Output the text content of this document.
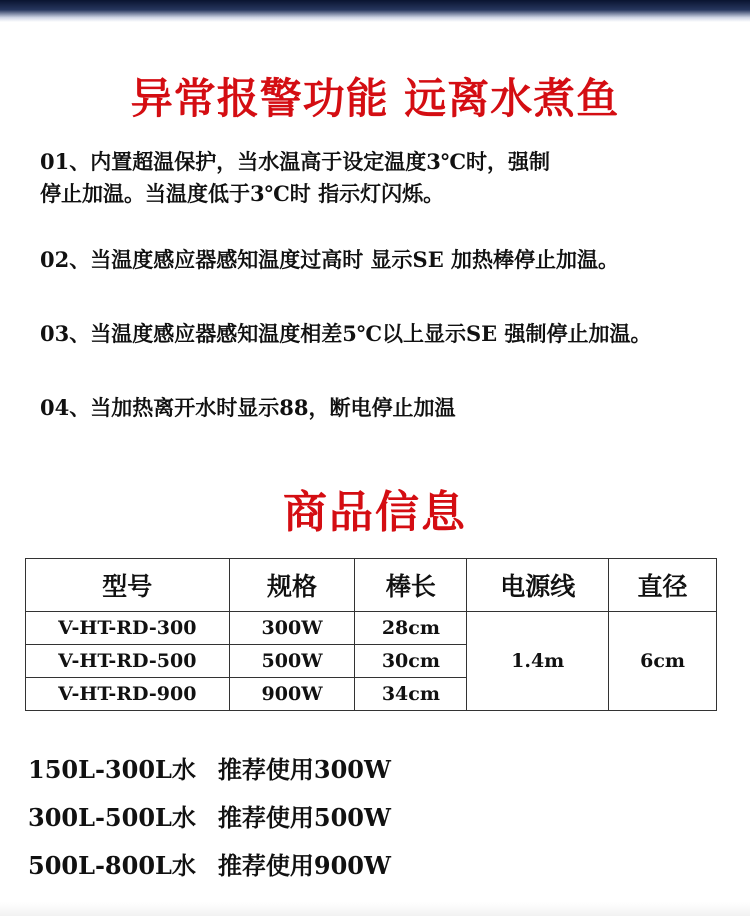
异常报警功能 远离水煮鱼
01、内置超温保护，当水温高于设定温度3℃时，强制
停止加温。当温度低于3℃时 指示灯闪烁。
02、当温度感应器感知温度过高时 显示SE 加热棒停止加温。
03、当温度感应器感知温度相差5℃以上显示SE 强制停止加温。
04、当加热离开水时显示88，断电停止加温
商品信息
型号	规格	棒长	电源线	直径
V-HT-RD-300	300W	28cm	1.4m	6cm
V-HT-RD-500	500W	30cm		
V-HT-RD-900	900W	34cm		
150L-300L水 推荐使用300W
300L-500L水 推荐使用500W
500L-800L水 推荐使用900W
